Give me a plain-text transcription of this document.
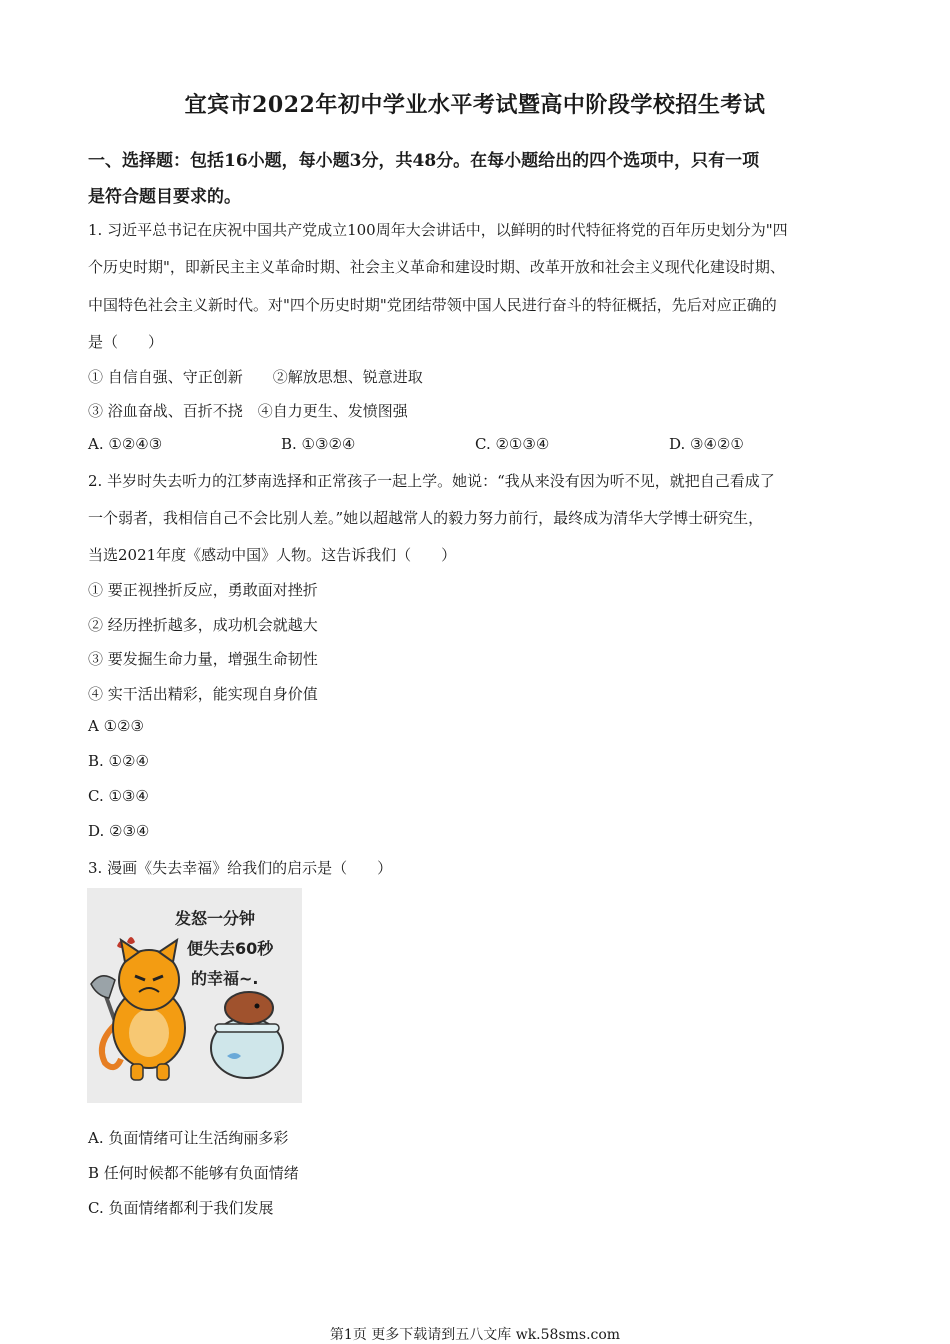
宜宾市2022年初中学业水平考试暨高中阶段学校招生考试
一、选择题：包括16小题，每小题3分，共48分。在每小题给出的四个选项中，只有一项
是符合题目要求的。
1. 习近平总书记在庆祝中国共产党成立100周年大会讲话中，以鲜明的时代特征将党的百年历史划分为"四
个历史时期"，即新民主主义革命时期、社会主义革命和建设时期、改革开放和社会主义现代化建设时期、
中国特色社会主义新时代。对"四个历史时期"党团结带领中国人民进行奋斗的特征概括，先后对应正确的
是（　　）
① 自信自强、守正创新　　②解放思想、锐意进取
③ 浴血奋战、百折不挠　④自力更生、发愤图强
A. ①②④③	B. ①③②④	C. ②①③④	D. ③④②①
2. 半岁时失去听力的江梦南选择和正常孩子一起上学。她说：“我从来没有因为听不见，就把自己看成了
一个弱者，我相信自己不会比别人差。”她以超越常人的毅力努力前行，最终成为清华大学博士研究生，
当选2021年度《感动中国》人物。这告诉我们（　　）
① 要正视挫折反应，勇敢面对挫折
② 经历挫折越多，成功机会就越大
③ 要发掘生命力量，增强生命韧性
④ 实干活出精彩，能实现自身价值
A ①②③
B. ①②④
C. ①③④
D. ②③④
3. 漫画《失去幸福》给我们的启示是（　　）
发怒一分钟
便失去60秒
的幸福~.
A. 负面情绪可让生活绚丽多彩
B 任何时候都不能够有负面情绪
C. 负面情绪都利于我们发展
第1页 更多下载请到五八文库 wk.58sms.com
